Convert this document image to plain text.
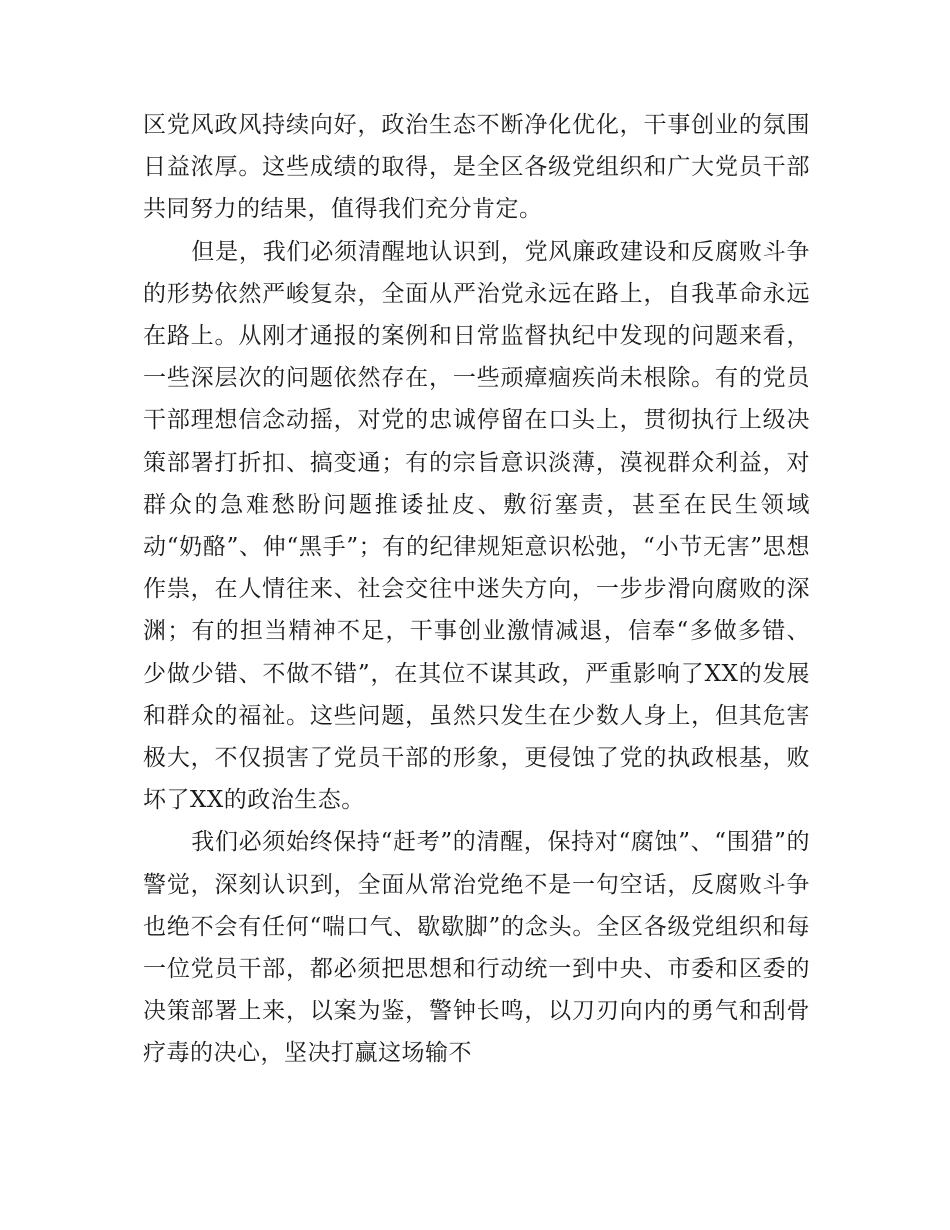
区党风政风持续向好，政治生态不断净化优化，干事创业的氛围日益浓厚。这些成绩的取得，是全区各级党组织和广大党员干部共同努力的结果，值得我们充分肯定。

但是，我们必须清醒地认识到，党风廉政建设和反腐败斗争的形势依然严峻复杂，全面从严治党永远在路上，自我革命永远在路上。从刚才通报的案例和日常监督执纪中发现的问题来看，一些深层次的问题依然存在，一些顽瘴痼疾尚未根除。有的党员干部理想信念动摇，对党的忠诚停留在口头上，贯彻执行上级决策部署打折扣、搞变通；有的宗旨意识淡薄，漠视群众利益，对群众的急难愁盼问题推诿扯皮、敷衍塞责，甚至在民生领域动“奶酪”、伸“黑手”；有的纪律规矩意识松弛，“小节无害”思想作祟，在人情往来、社会交往中迷失方向，一步步滑向腐败的深渊；有的担当精神不足，干事创业激情减退，信奉“多做多错、少做少错、不做不错”，在其位不谋其政，严重影响了XX的发展和群众的福祉。这些问题，虽然只发生在少数人身上，但其危害极大，不仅损害了党员干部的形象，更侵蚀了党的执政根基，败坏了XX的政治生态。

我们必须始终保持“赶考”的清醒，保持对“腐蚀”、“围猎”的警觉，深刻认识到，全面从常治党绝不是一句空话，反腐败斗争也绝不会有任何“喘口气、歇歇脚”的念头。全区各级党组织和每一位党员干部，都必须把思想和行动统一到中央、市委和区委的决策部署上来，以案为鉴，警钟长鸣，以刀刃向内的勇气和刮骨疗毒的决心，坚决打赢这场输不
